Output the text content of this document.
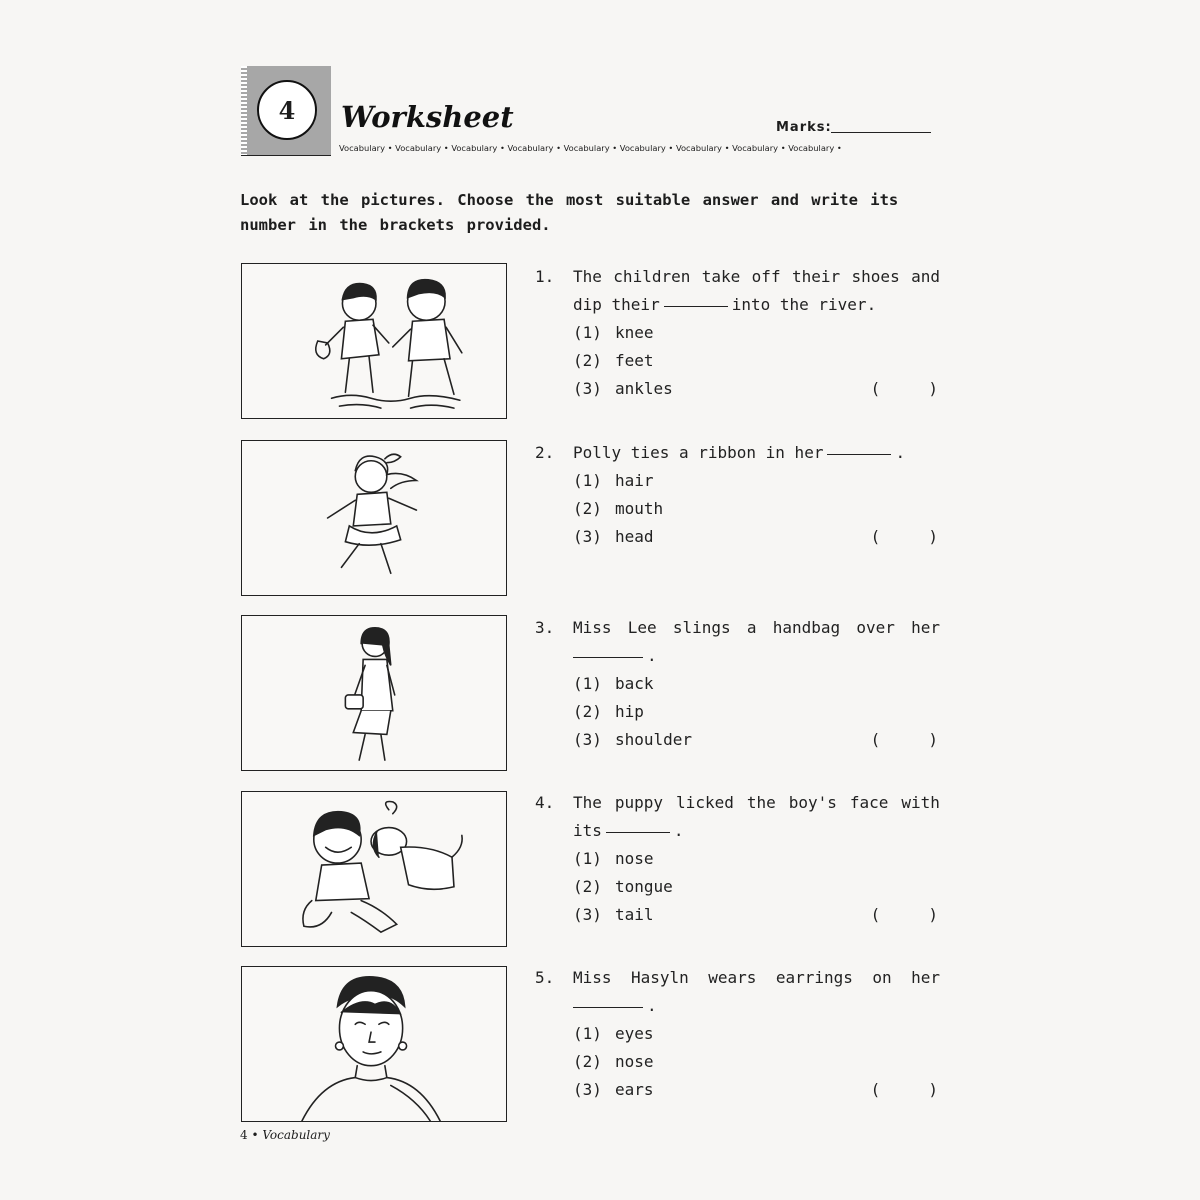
4	Worksheet	Marks:
Vocabulary • Vocabulary • Vocabulary • Vocabulary • Vocabulary • Vocabulary • Vocabulary • Vocabulary • Vocabulary •
Look at the pictures. Choose the most suitable answer and write its number in the brackets provided.
1. The children take off their shoes and
dip their	into the river.
(1) knee
(2) feet
(3) ankles	(     )
2. Polly ties a ribbon in her	.
(1) hair
(2) mouth
(3) head	(     )
3. Miss Lee slings a handbag over her
.
(1) back
(2) hip
(3) shoulder	(     )
4. The puppy licked the boy's face with
its	.
(1) nose
(2) tongue
(3) tail	(     )
5. Miss Hasyln wears earrings on her
.
(1) eyes
(2) nose
(3) ears	(     )
4 • Vocabulary
